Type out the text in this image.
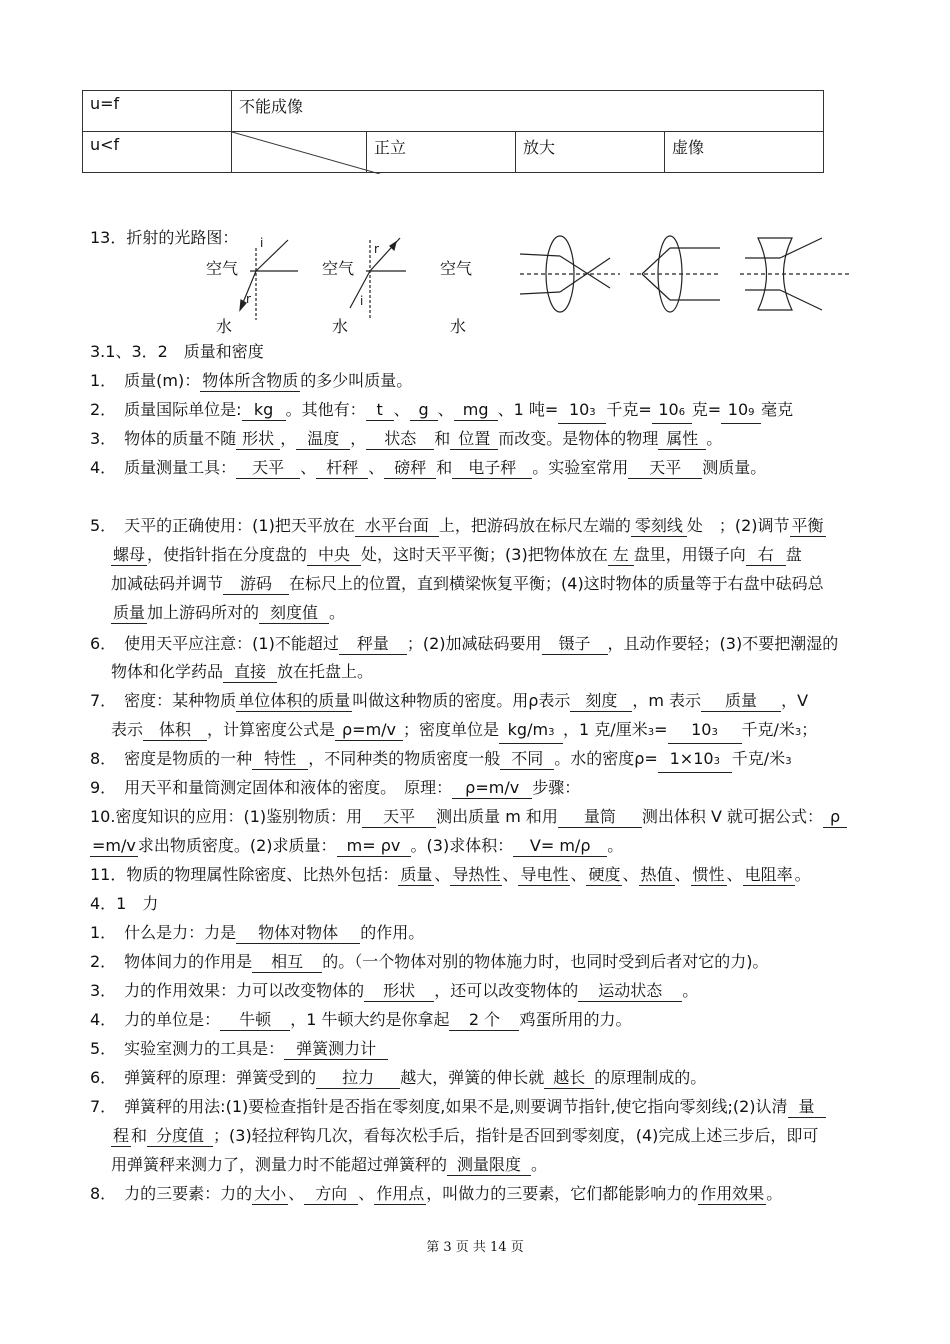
u=f	不能成像			
u<f		正立	放大	虚像
13．折射的光路图：
空气	空气	空气
水	水	水
i
r
r
i
3.1、3．2　质量和密度
1．　质量(m)： 物体所含物质 的多少叫质量。
2．　质量国际单位是: kg 。其他有： t 、 g 、 mg 、1 吨= 103 千克= 106 克= 109 毫克
3．　物体的质量不随 形状 ， 温度 ， 状态 和 位置 而改变。是物体的物理 属性 。
4．　质量测量工具： 天平 、 杆秤 、 磅秤 和 电子秤 。实验室常用 天平 测质量。
5．　天平的正确使用：(1)把天平放在 水平台面 上，把游码放在标尺左端的 零刻线 处　；(2)调节 平衡
螺母 ，使指针指在分度盘的 中央 处，这时天平平衡；(3)把物体放在 左 盘里，用镊子向 右 盘
加减砝码并调节 游码 在标尺上的位置，直到横梁恢复平衡；(4)这时物体的质量等于右盘中砝码总
质量 加上游码所对的 刻度值 。
6．　使用天平应注意：(1)不能超过 秤量 ；(2)加减砝码要用 镊子 ，且动作要轻；(3)不要把潮湿的
物体和化学药品 直接 放在托盘上。
7．　密度：某种物质 单位体积的质量 叫做这种物质的密度。用ρ表示 刻度 ，m 表示 质量 ，V
表示 体积 ，计算密度公式是 ρ=m/v ；密度单位是 kg/m3 ，1 克/厘米3= 103 千克/米3；
8．　密度是物质的一种 特性 ，不同种类的物质密度一般 不同 。水的密度ρ= 1×103 千克/米3
9．　用天平和量筒测定固体和液体的密度。　原理： ρ=m/v 步骤：
10.密度知识的应用：(1)鉴别物质：用 天平 测出质量 m 和用 量筒 测出体积 V 就可据公式： ρ
=m/v 求出物质密度。(2)求质量： m= ρv 。(3)求体积： V= m/ρ 。
11．物质的物理属性除密度、比热外包括： 质量 、 导热性 、 导电性 、 硬度 、 热值 、 惯性 、 电阻率 。
4．1　力
1．　什么是力：力是 物体对物体 的作用。
2．　物体间力的作用是 相互 的。（一个物体对别的物体施力时，也同时受到后者对它的力)。
3．　力的作用效果：力可以改变物体的 形状 ，还可以改变物体的 运动状态 。
4．　力的单位是： 牛顿 ，1 牛顿大约是你拿起 2 个 鸡蛋所用的力。
5．　实验室测力的工具是： 弹簧测力计
6．　弹簧秤的原理：弹簧受到的 拉力 越大，弹簧的伸长就 越长 的原理制成的。
7．　弹簧秤的用法:(1)要检查指针是否指在零刻度,如果不是,则要调节指针,使它指向零刻线;(2)认清 量
程 和 分度值 ；(3)轻拉秤钩几次，看每次松手后，指针是否回到零刻度，(4)完成上述三步后，即可
用弹簧秤来测力了，测量力时不能超过弹簧秤的 测量限度 。
8．　力的三要素：力的 大小 、 方向 、 作用点 ，叫做力的三要素，它们都能影响力的 作用效果 。
第 3 页 共 14 页
